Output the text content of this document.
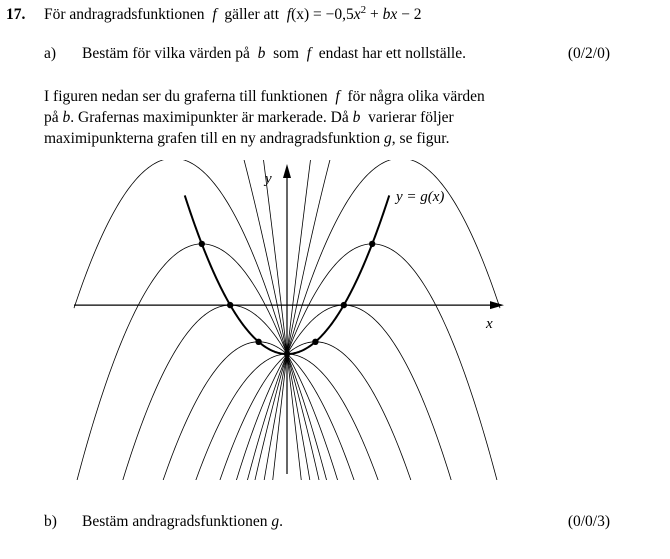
17. För andragradsfunktionen f gäller att $f(x) = -0,5x^2$ + bx − 2
a) Bestäm för vilka värden på b som f endast har ett nollställe.	(0/2/0)
I figuren nedan ser du graferna till funktionen f för några olika värden
på b. Grafernas maximipunkter är markerade. Då b varierar följer
maximipunkterna grafen till en ny andragradsfunktion g, se figur.
x
y
y = g(x)
b) Bestäm andragradsfunktionen g.	(0/0/3)
